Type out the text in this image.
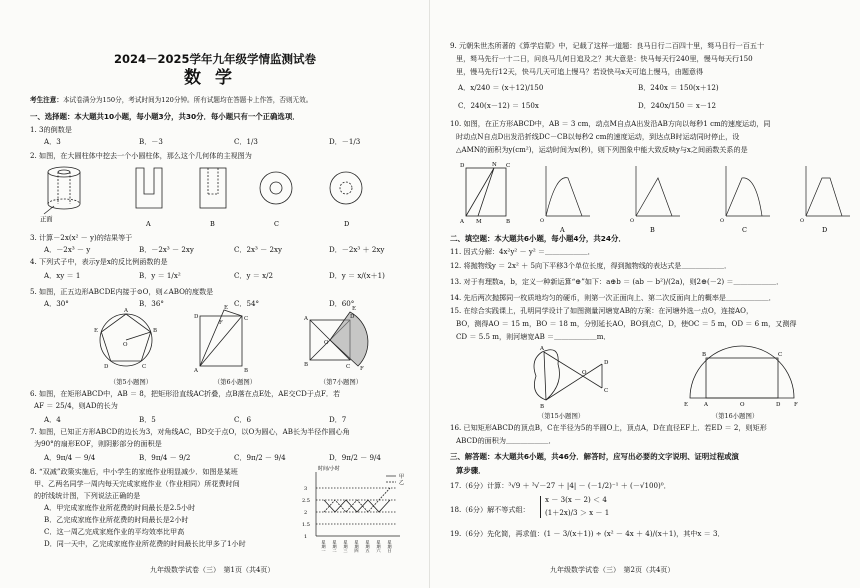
2024－2025学年九年级学情监测试卷
数学
考生注意：本试卷满分为150分，考试时间为120分钟。所有试题均在答题卡上作答，否则无效。
一、选择题：本大题共10小题，每小题3分，共30分．每小题只有一个正确选项．
1. 3的倒数是
A．3	B．－3	C．1/3	D．－1/3
2. 如图，在大圆柱体中挖去一个小圆柱体，那么这个几何体的主视图为
正面
A	B	C	D
3. 计算－2x(x² － y)的结果等于
A．－2x³ － y	B．－2x³ － 2xy	C．2x³ － 2xy	D．－2x³ ＋ 2xy
4. 下列式子中，表示y是x的反比例函数的是
A．xy ＝ 1	B．y ＝ 1/x²	C．y ＝ x/2	D．y ＝ x/(x＋1)
5. 如图，正五边形ABCDE内接于⊙O，则∠ABO的度数是
A．30°	B．36°	C．54°	D．60°
A
B
C
D
E
O
D
A	B
C
E
F
A	D
B	C
O
E
F
（第5小题图）	（第6小题图）	（第7小题图）
6. 如图，在矩形ABCD中，AB ＝ 8，把矩形沿直线AC折叠，点B落在点E处，AE交CD于点F．若
AF ＝ 25/4，则AD的长为
A．4	B．5	C．6	D．7
7. 如图，已知正方形ABCD的边长为3，对角线AC，BD交于点O，以O为圆心，AB长为半径作圆心角
为90°的扇形EOF，则阴影部分的面积是
A．9π/4 － 9/4	B．9π/4 － 9/2	C．9π/2 － 9/4	D．9π/2 － 9/4
8. “双减”政策实施后，中小学生的家庭作业明显减少．如图是某班
甲、乙两名同学一周内每天完成家庭作业（作业相同）所花费时间
的折线统计图，下列说法正确的是
A．甲完成家庭作业所花费的时间最长是2.5小时
B．乙完成家庭作业所花费的时间最长是2小时
C．这一周乙完成家庭作业的平均效率比甲高
D．同一天中，乙完成家庭作业所花费的时间最长比甲多了1小时
时间/小时
3
2.5
2
1.5
1
甲
乙
星期一 星期二 星期三 星期四 星期五 星期六 星期日
九年级数学试卷（三）　第1页（共4页）
9. 元朝朱世杰所著的《算学启蒙》中，记载了这样一道题：良马日行二百四十里，驽马日行一百五十
里，驽马先行一十二日，问良马几何日追及之？其大意是：快马每天行240里，慢马每天行150
里，慢马先行12天，快马几天可追上慢马？若设快马x天可追上慢马，由题意得
A．x/240 ＝ (x＋12)/150	B．240x ＝ 150(x＋12)
C．240(x－12) ＝ 150x	D．240x/150 ＝ x－12
10. 如图，在正方形ABCD中，AB ＝ 3 cm，动点M自点A出发沿AB方向以每秒1 cm的速度运动，同
时动点N自点D出发沿折线DC－CB以每秒2 cm的速度运动，到达点B时运动同时停止，设
△AMN的面积为y(cm²)，运动时间为x(秒)，则下列图象中能大致反映y与x之间函数关系的是
D	N C
A M	B	O	O	O	O
A	B	C	D
二、填空题：本大题共6小题，每小题4分，共24分．
11. 因式分解：4x²y² － y² ＝＿＿＿＿＿＿．
12. 将抛物线y ＝ 2x² ＋ 5向下平移3个单位长度，得到抛物线的表达式是＿＿＿＿＿＿．
13. 对于有理数a，b，定义一种新运算“⊕”如下：a⊕b ＝ (ab － b²)/(2a)，则2⊕(－2) ＝＿＿＿＿＿＿．
14. 先后两次抛掷同一枚质地均匀的硬币，则第一次正面向上、第二次反面向上的概率是＿＿＿＿＿＿．
15. 在综合实践课上，孔明同学设计了如图测量河塘宽AB的方案：在河塘外选一点O，连接AO，
BO，测得AO ＝ 15 m，BO ＝ 18 m，分别延长AO，BO到点C，D，使OC ＝ 5 m，OD ＝ 6 m，又测得
CD ＝ 5.5 m，则河塘宽AB ＝＿＿＿＿＿＿m．
A
B
O
D
C
E	A	O	D F
B	C
（第15小题图）	（第16小题图）
16. 已知矩形ABCD的顶点B，C在半径为5的半圆O上，顶点A，D在直径EF上．若ED ＝ 2，则矩形
ABCD的面积为＿＿＿＿＿＿．
三、解答题：本大题共6小题，共46分．解答时，应写出必要的文字说明、证明过程或演
算步骤．
17.（6分）计算：³√9 ＋ ³√－27 ＋ |4| － (－1/2)⁻¹ ＋ (－√100)⁰．
18.（6分）解不等式组：
x － 3(x － 2) ＜ 4
(1＋2x)/3 ＞ x － 1
19.（6分）先化简，再求值：(1 － 3/(x＋1)) ÷ (x² － 4x ＋ 4)/(x＋1)，其中x ＝ 3．
九年级数学试卷（三）　第2页（共4页）
